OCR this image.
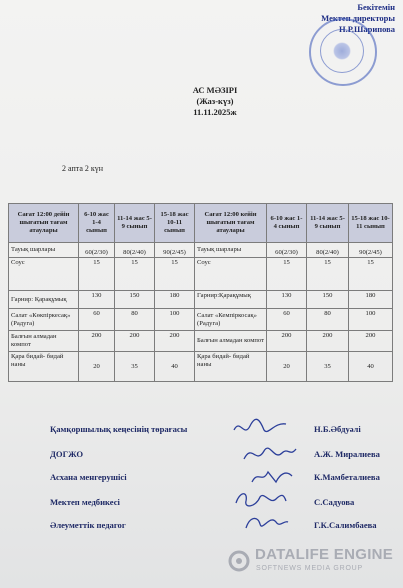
Бекітемін
Мектеп директоры
Н.Р.Шарипова
АС МӘЗІРІ
(Жаз-күз)
11.11.2025ж
2 апта 2 күн
Сағат 12:00 дейін шығатын тағам атаулары	6-10 жас 1-4 сынып	11-14 жас 5-9 сынып	15-18 жас 10-11 сынып	Сағат 12:00 кейін шығатын тағам атаулары	6-10 жас 1-4 сынып	11-14 жас 5-9 сынып	15-18 жас 10-11 сынып
Тауық шарлары	60(2/30)	80(2/40)	90(2/45)	Тауық шарлары	60(2/30)	80(2/40)	90(2/45)
Соус	15	15	15	Соус	15	15	15
Гарнир: Қарақұмық	130	150	180	Гарнир:Қарақұмық	130	150	180
Салат «Көкпіркесақ» (Радуга)	60	80	100	Салат «Кемпіркосақ» (Радуга)	60	80	100
Балғын алмадан компот	200	200	200	Балғын алмадан компот	200	200	200
Қара бидай- бидай наны	20	35	40	Қара бидай- бидай наны	20	35	40
Қамқоршылық кеңесінің төрағасы	Н.Б.Әбдуәлі
ДОГЖО	А.Ж. Миралиева
Асхана менгерушісі	К.Мамбеталиева
Мектеп медбикесі	С.Садуова
Әлеуметтік педагог	Г.К.Салимбаева
DATALIFE ENGINE
SOFTNEWS MEDIA GROUP
